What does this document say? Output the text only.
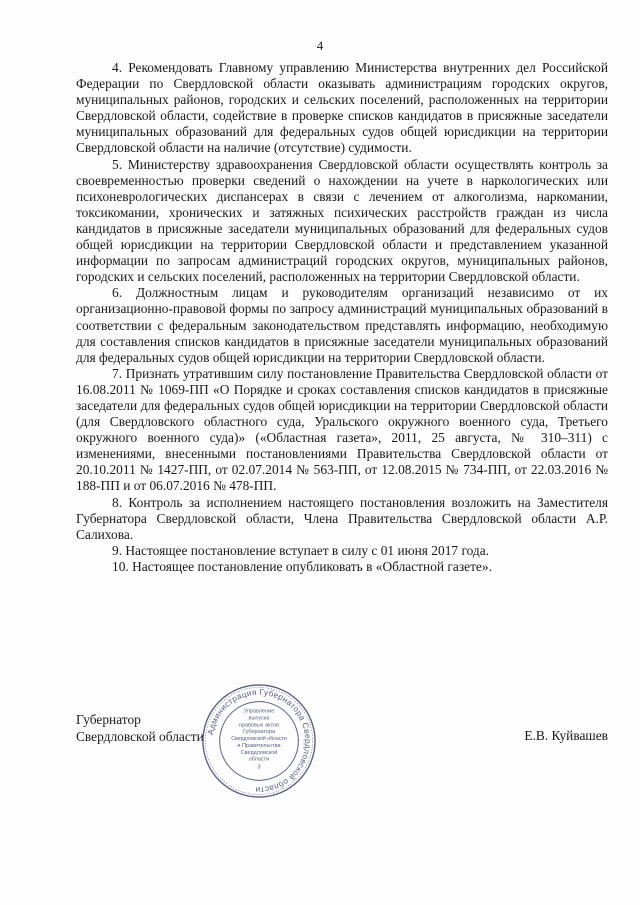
4

4. Рекомендовать Главному управлению Министерства внутренних дел Российской Федерации по Свердловской области оказывать администрациям городских округов, муниципальных районов, городских и сельских поселений, расположенных на территории Свердловской области, содействие в проверке списков кандидатов в присяжные заседатели муниципальных образований для федеральных судов общей юрисдикции на территории Свердловской области на наличие (отсутствие) судимости.

5. Министерству здравоохранения Свердловской области осуществлять контроль за своевременностью проверки сведений о нахождении на учете в наркологических или психоневрологических диспансерах в связи с лечением от алкоголизма, наркомании, токсикомании, хронических и затяжных психических расстройств граждан из числа кандидатов в присяжные заседатели муниципальных образований для федеральных судов общей юрисдикции на территории Свердловской области и представлением указанной информации по запросам администраций городских округов, муниципальных районов, городских и сельских поселений, расположенных на территории Свердловской области.

6. Должностным лицам и руководителям организаций независимо от их организационно-правовой формы по запросу администраций муниципальных образований в соответствии с федеральным законодательством представлять информацию, необходимую для составления списков кандидатов в присяжные заседатели муниципальных образований для федеральных судов общей юрисдикции на территории Свердловской области.

7. Признать утратившим силу постановление Правительства Свердловской области от 16.08.2011 № 1069-ПП «О Порядке и сроках составления списков кандидатов в присяжные заседатели для федеральных судов общей юрисдикции на территории Свердловской области (для Свердловского областного суда, Уральского окружного военного суда, Третьего окружного военного суда)» («Областная газета», 2011, 25 августа, № 310–311) с изменениями, внесенными постановлениями Правительства Свердловской области от 20.10.2011 № 1427-ПП, от 02.07.2014 № 563-ПП, от 12.08.2015 № 734-ПП, от 22.03.2016 № 188-ПП и от 06.07.2016 № 478-ПП.

8. Контроль за исполнением настоящего постановления возложить на Заместителя Губернатора Свердловской области, Члена Правительства Свердловской области А.Р. Салихова.

9. Настоящее постановление вступает в силу с 01 июня 2017 года.

10. Настоящее постановление опубликовать в «Областной газете».

Губернатор
Свердловской области	Е.В. Куйвашев
Администрация Губернатора Свердловской области
Управление
выпуска
правовых актов
Губернатора
Свердловской области
и Правительства
Свердловской
области
3
